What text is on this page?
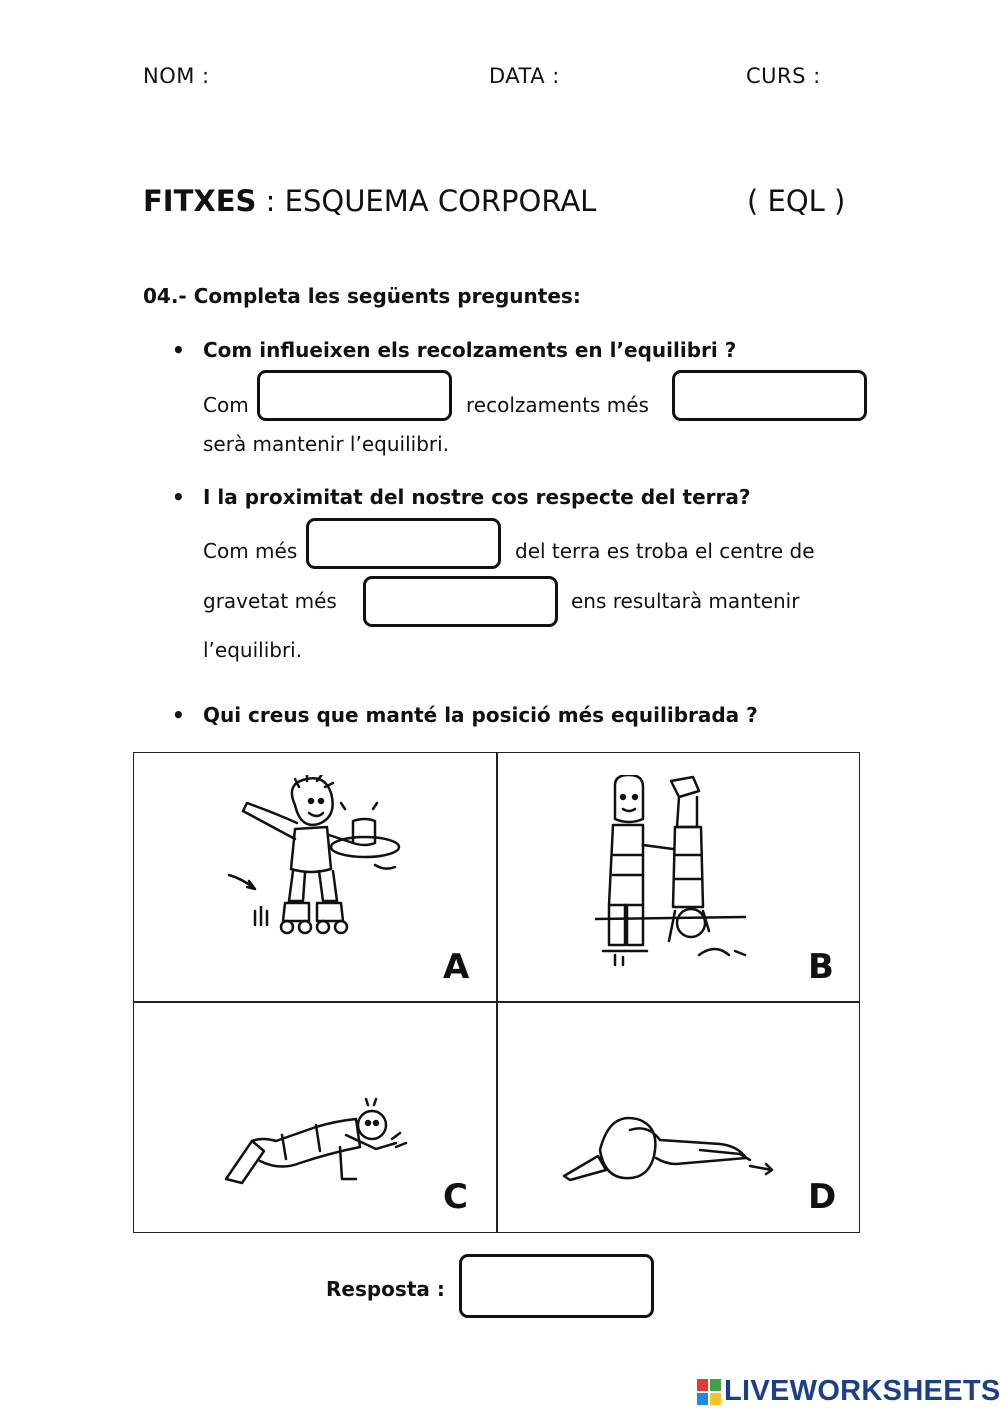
NOM :	DATA :	CURS :
FITXES : ESQUEMA CORPORAL	( EQL )
04.- Completa les següents preguntes:
• Com influeixen els recolzaments en l’equilibri ?
Com	recolzaments més
serà mantenir l’equilibri.
• I la proximitat del nostre cos respecte del terra?
Com més	del terra es troba el centre de
gravetat més	ens resultarà mantenir
l’equilibri.
• Qui creus que manté la posició més equilibrada ?
A	B
C	D
Resposta :
LIVEWORKSHEETS
